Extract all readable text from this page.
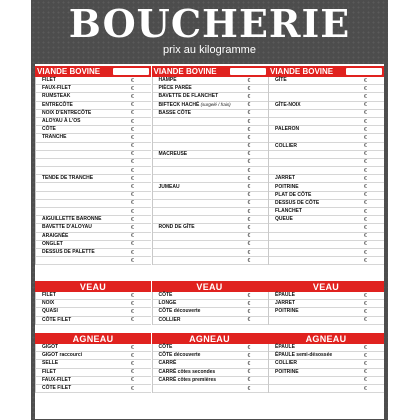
BOUCHERIE
prix au kilogramme
VIANDE BOVINE
FILET	€
FAUX-FILET	€
RUMSTEAK	€
ENTRECÔTE	€
NOIX D'ENTRECÔTE	€
ALOYAU À L'OS	€
CÔTE	€
TRANCHE	€
€
€
€
€
TENDE DE TRANCHE	€
€
€
€
€
AIGUILLETTE BARONNE	€
BAVETTE D'ALOYAU	€
ARAIGNÉE	€
ONGLET	€
DESSUS DE PALETTE	€
€
VIANDE BOVINE
HAMPE	€
PIÈCE PARÉE	€
BAVETTE DE FLANCHET	€
BIFTECK HACHÉ (surgelé / frais)	€
BASSE CÔTE	€
€
€
€
€
MACREUSE	€
€
€
€
JUMEAU	€
€
€
€
€
ROND DE GÎTE	€
€
€
€
€
VIANDE BOVINE
GÎTE	€
€
€
GÎTE-NOIX	€
€
€
PALERON	€
€
COLLIER	€
€
€
€
JARRET	€
POITRINE	€
PLAT DE CÔTE	€
DESSUS DE CÔTE	€
FLANCHET	€
QUEUE	€
€
€
€
€
€
VEAU
FILET	€
NOIX	€
QUASI	€
CÔTE FILET	€
VEAU
CÔTE	€
LONGE	€
CÔTE découverte	€
COLLIER	€
VEAU
ÉPAULE	€
JARRET	€
POITRINE	€
€
AGNEAU
GIGOT	€
GIGOT raccourci	€
SELLE	€
FILET	€
FAUX-FILET	€
CÔTE FILET	€
AGNEAU
CÔTE	€
CÔTE découverte	€
CARRÉ	€
CARRÉ côtes secondes	€
CARRÉ côtes premières	€
€
AGNEAU
ÉPAULE	€
ÉPAULE semi-désossée	€
COLLIER	€
POITRINE	€
€
€
